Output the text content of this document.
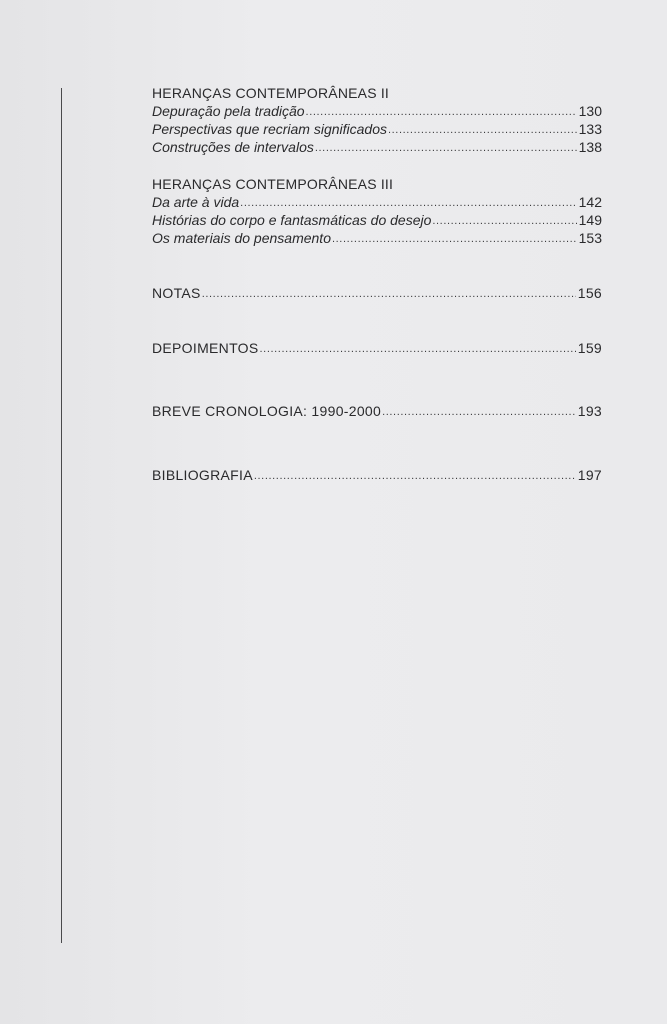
HERANÇAS CONTEMPORÂNEAS II
Depuração pela tradição .....	130
Perspectivas que recriam significados .....	133
Construções de intervalos .....	138
HERANÇAS CONTEMPORÂNEAS III
Da arte à vida .....	142
Histórias do corpo e fantasmáticas do desejo .....	149
Os materiais do pensamento .....	153
NOTAS .....	156
DEPOIMENTOS .....	159
BREVE CRONOLOGIA: 1990-2000 .....	193
BIBLIOGRAFIA .....	197
